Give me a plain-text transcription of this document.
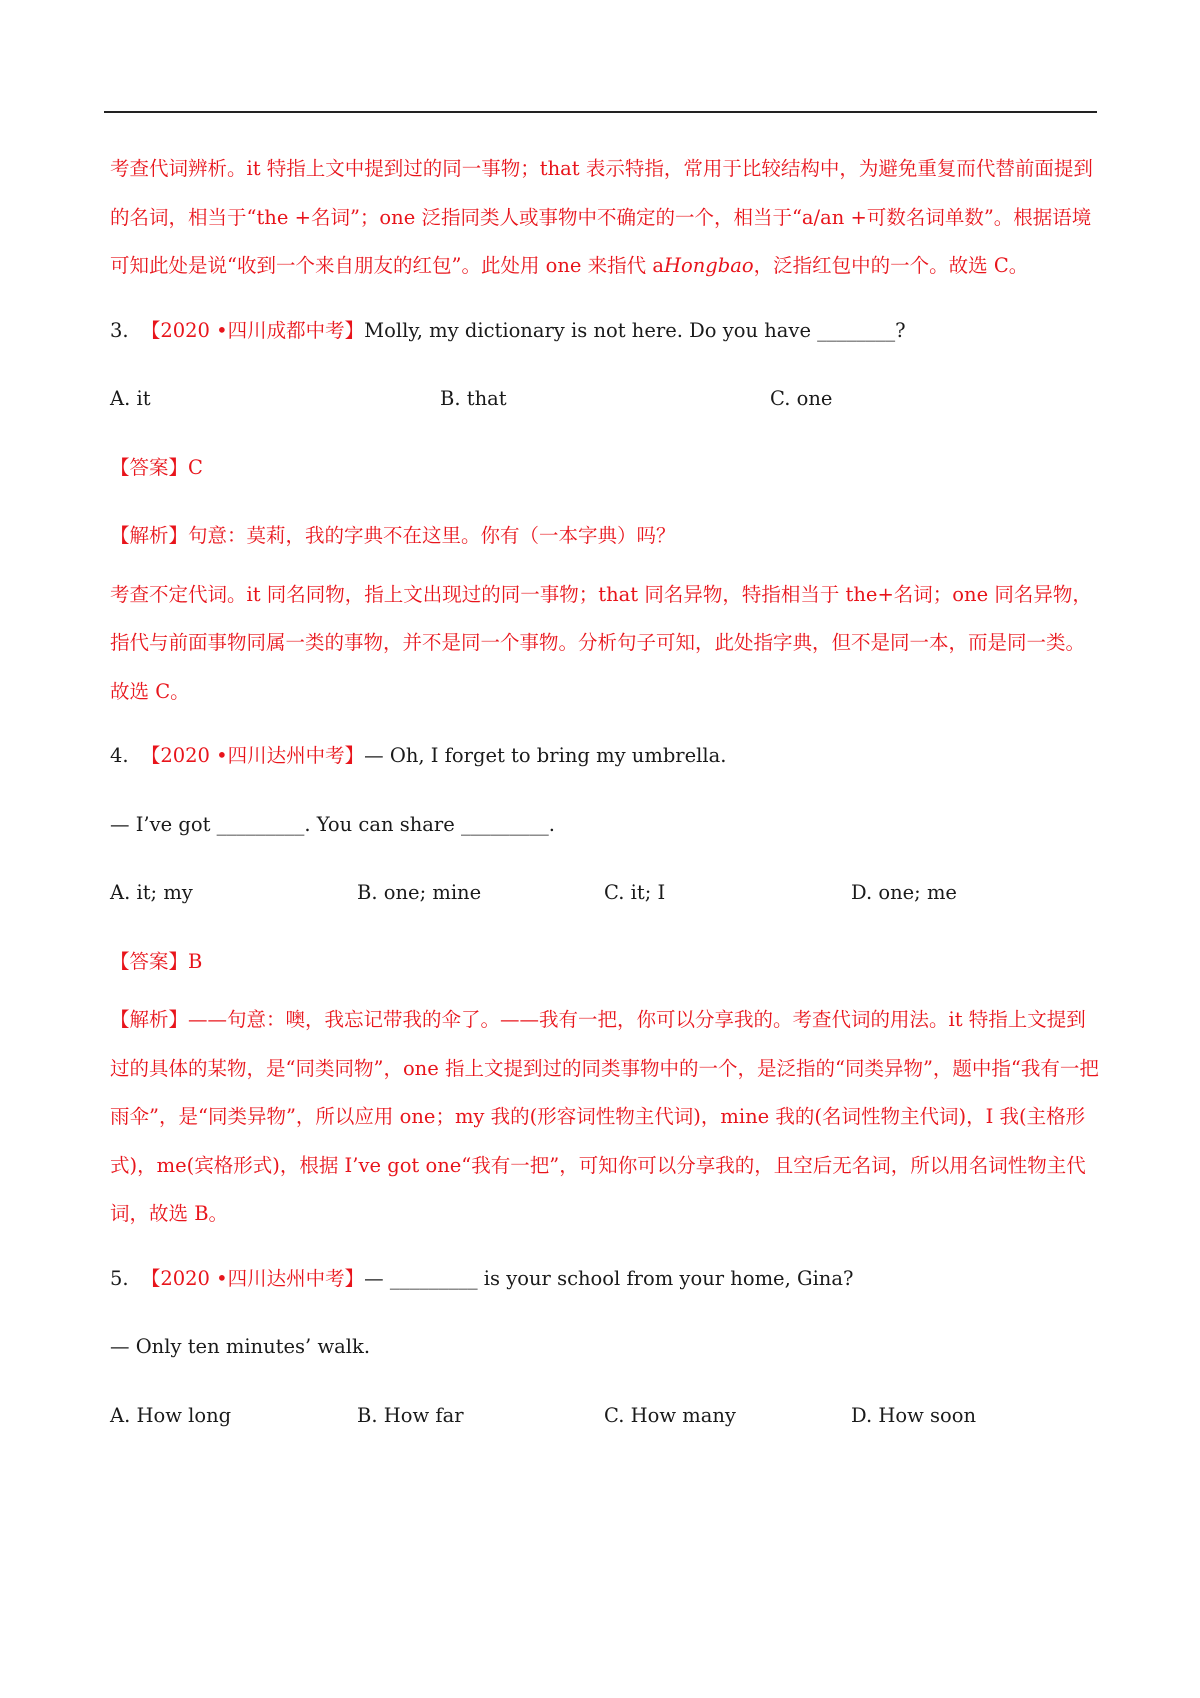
考查代词辨析。it 特指上文中提到过的同一事物；that 表示特指，常用于比较结构中，为避免重复而代替前面提到的名词，相当于“the +名词”；one 泛指同类人或事物中不确定的一个，相当于“a/an +可数名词单数”。根据语境可知此处是说“收到一个来自朋友的红包”。此处用 one 来指代 aHongbao，泛指红包中的一个。故选 C。

3. 【2020 •四川成都中考】Molly, my dictionary is not here. Do you have ________?

A. it	B. that	C. one

【答案】C

【解析】句意：莫莉，我的字典不在这里。你有（一本字典）吗？

考查不定代词。it 同名同物，指上文出现过的同一事物；that 同名异物，特指相当于 the+名词；one 同名异物，指代与前面事物同属一类的事物，并不是同一个事物。分析句子可知，此处指字典，但不是同一本，而是同一类。故选 C。

4. 【2020 •四川达州中考】— Oh, I forget to bring my umbrella.

— I’ve got _________. You can share _________.

A. it; my	B. one; mine	C. it; I	D. one; me

【答案】B

【解析】——句意：噢，我忘记带我的伞了。——我有一把，你可以分享我的。考查代词的用法。it 特指上文提到过的具体的某物，是“同类同物”，one 指上文提到过的同类事物中的一个，是泛指的“同类异物”，题中指“我有一把雨伞”，是“同类异物”，所以应用 one；my 我的(形容词性物主代词)，mine 我的(名词性物主代词)，I 我(主格形式)，me(宾格形式)，根据 I’ve got one“我有一把”，可知你可以分享我的，且空后无名词，所以用名词性物主代词，故选 B。

5. 【2020 •四川达州中考】— _________ is your school from your home, Gina?

— Only ten minutes’ walk.

A. How long	B. How far	C. How many	D. How soon
